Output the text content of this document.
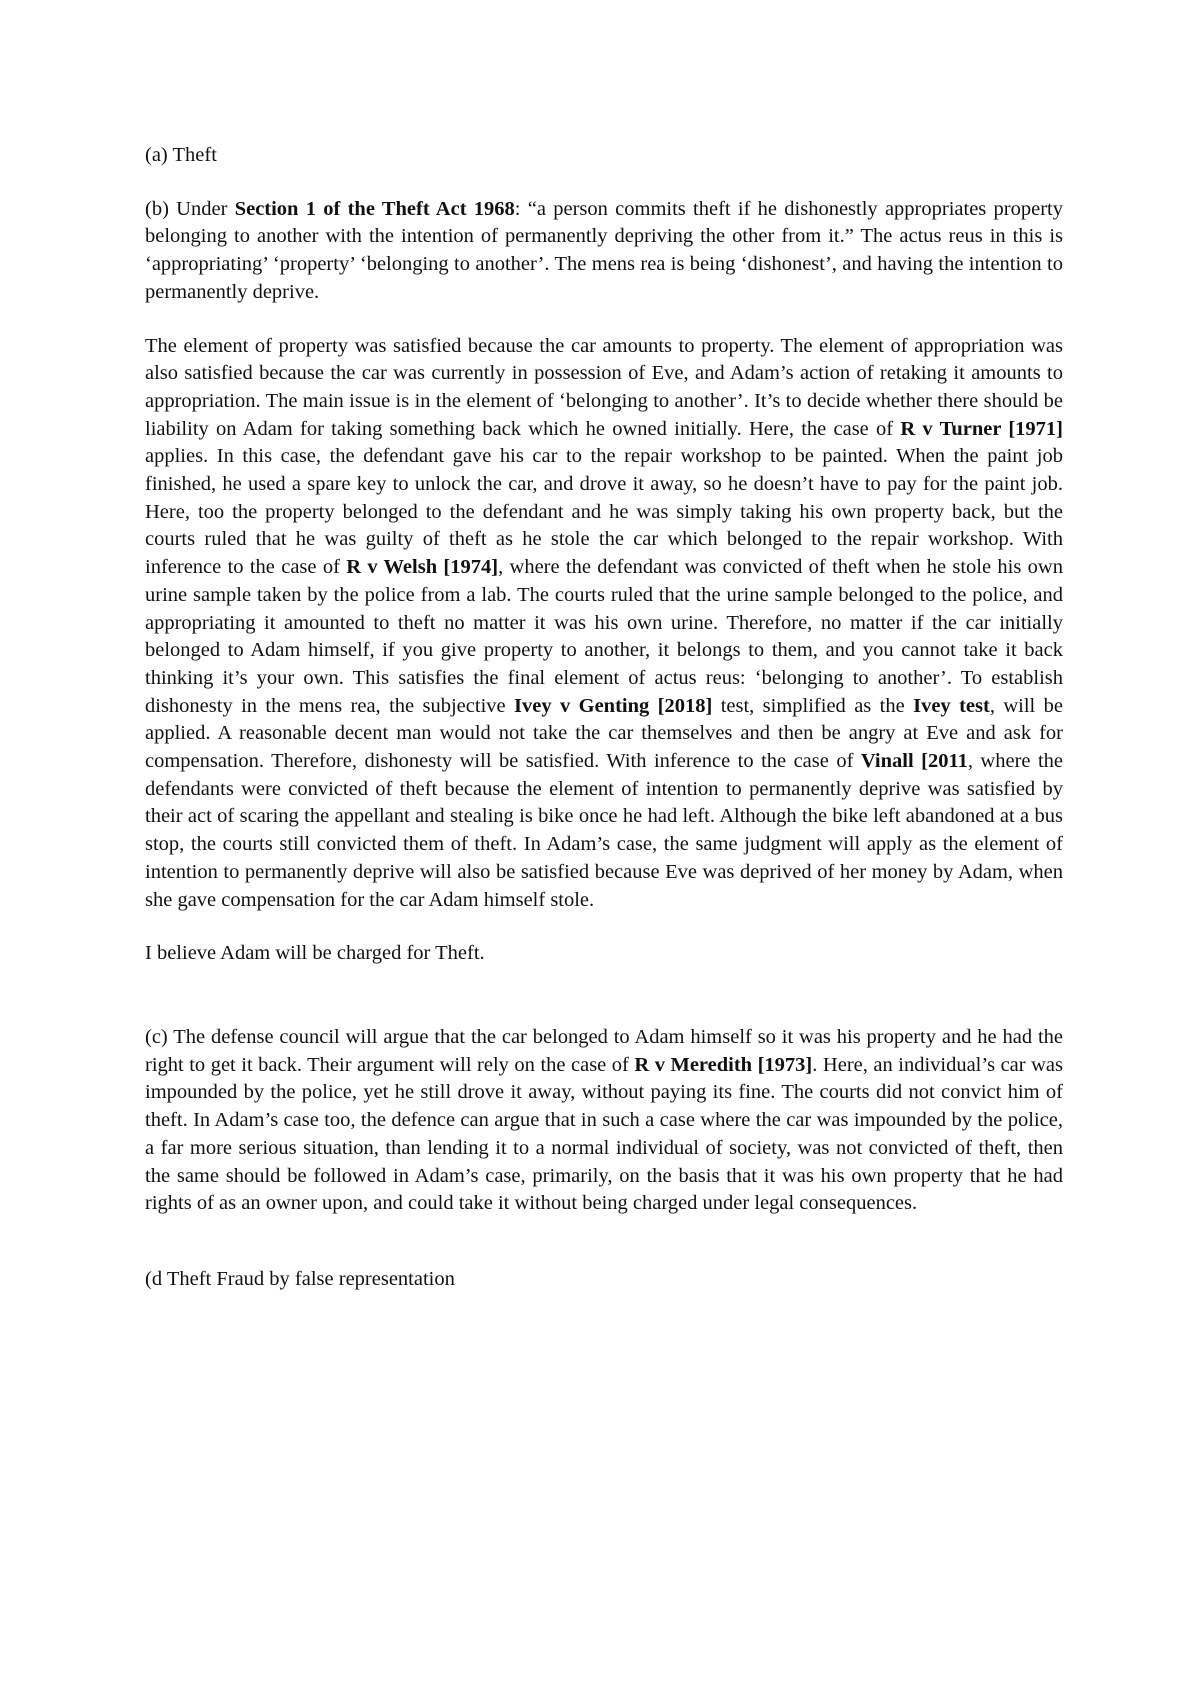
(a) Theft

(b) Under Section 1 of the Theft Act 1968: “a person commits theft if he dishonestly appropriates property belonging to another with the intention of permanently depriving the other from it.” The actus reus in this is ‘appropriating’ ‘property’ ‘belonging to another’. The mens rea is being ‘dishonest’, and having the intention to permanently deprive.

The element of property was satisfied because the car amounts to property. The element of appropriation was also satisfied because the car was currently in possession of Eve, and Adam’s action of retaking it amounts to appropriation. The main issue is in the element of ‘belonging to another’. It’s to decide whether there should be liability on Adam for taking something back which he owned initially. Here, the case of R v Turner [1971] applies. In this case, the defendant gave his car to the repair workshop to be painted. When the paint job finished, he used a spare key to unlock the car, and drove it away, so he doesn’t have to pay for the paint job. Here, too the property belonged to the defendant and he was simply taking his own property back, but the courts ruled that he was guilty of theft as he stole the car which belonged to the repair workshop. With inference to the case of R v Welsh [1974], where the defendant was convicted of theft when he stole his own urine sample taken by the police from a lab. The courts ruled that the urine sample belonged to the police, and appropriating it amounted to theft no matter it was his own urine. Therefore, no matter if the car initially belonged to Adam himself, if you give property to another, it belongs to them, and you cannot take it back thinking it’s your own. This satisfies the final element of actus reus: ‘belonging to another’. To establish dishonesty in the mens rea, the subjective Ivey v Genting [2018] test, simplified as the Ivey test, will be applied. A reasonable decent man would not take the car themselves and then be angry at Eve and ask for compensation. Therefore, dishonesty will be satisfied. With inference to the case of Vinall [2011, where the defendants were convicted of theft because the element of intention to permanently deprive was satisfied by their act of scaring the appellant and stealing is bike once he had left. Although the bike left abandoned at a bus stop, the courts still convicted them of theft. In Adam’s case, the same judgment will apply as the element of intention to permanently deprive will also be satisfied because Eve was deprived of her money by Adam, when she gave compensation for the car Adam himself stole.

I believe Adam will be charged for Theft.

(c) The defense council will argue that the car belonged to Adam himself so it was his property and he had the right to get it back. Their argument will rely on the case of R v Meredith [1973]. Here, an individual’s car was impounded by the police, yet he still drove it away, without paying its fine. The courts did not convict him of theft. In Adam’s case too, the defence can argue that in such a case where the car was impounded by the police, a far more serious situation, than lending it to a normal individual of society, was not convicted of theft, then the same should be followed in Adam’s case, primarily, on the basis that it was his own property that he had rights of as an owner upon, and could take it without being charged under legal consequences.

(d Theft Fraud by false representation
